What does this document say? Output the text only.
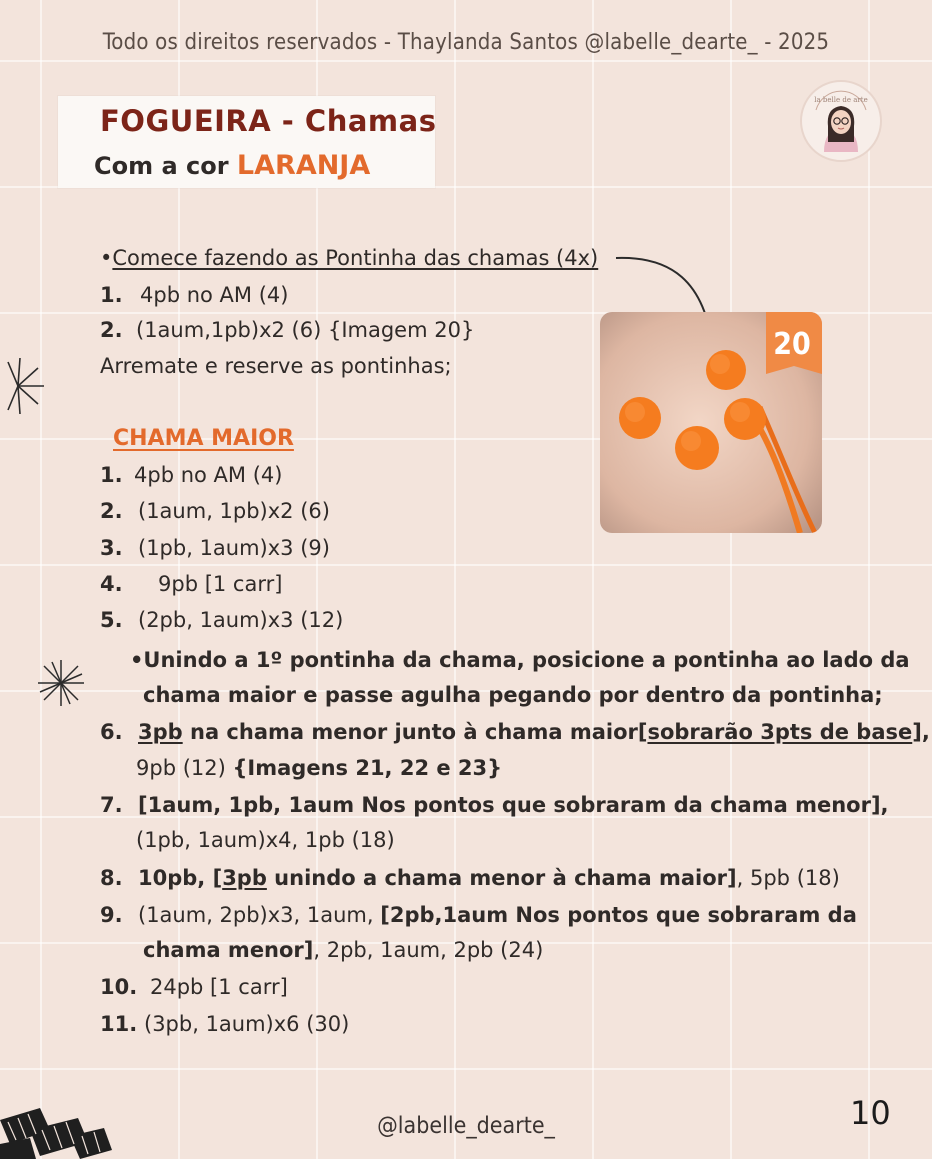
Todo os direitos reservados - Thaylanda Santos @labelle_dearte_ - 2025
FOGUEIRA - Chamas
Com a cor LARANJA
la belle de arte
•Comece fazendo as Pontinha das chamas (4x)
1. 4pb no AM (4)
2. (1aum,1pb)x2 (6) {Imagem 20}
Arremate e reserve as pontinhas;
20
CHAMA MAIOR
1. 4pb no AM (4)
2. (1aum, 1pb)x2 (6)
3. (1pb, 1aum)x3 (9)
4. 9pb [1 carr]
5. (2pb, 1aum)x3 (12)
•Unindo a 1º pontinha da chama, posicione a pontinha ao lado da
chama maior e passe agulha pegando por dentro da pontinha;
6. 3pb na chama menor junto à chama maior[sobrarão 3pts de base],
9pb (12) {Imagens 21, 22 e 23}
7. [1aum, 1pb, 1aum Nos pontos que sobraram da chama menor],
(1pb, 1aum)x4, 1pb (18)
8. 10pb, [3pb unindo a chama menor à chama maior], 5pb (18)
9. (1aum, 2pb)x3, 1aum, [2pb,1aum Nos pontos que sobraram da
chama menor], 2pb, 1aum, 2pb (24)
10. 24pb [1 carr]
11. (3pb, 1aum)x6 (30)
@labelle_dearte_	10
